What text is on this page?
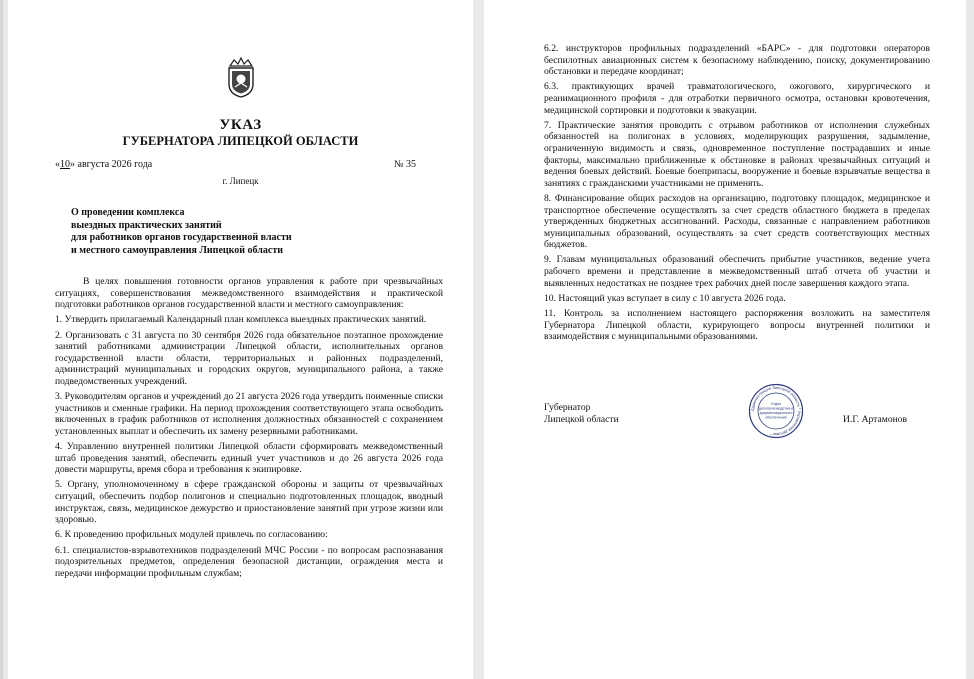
УКАЗ
ГУБЕРНАТОРА ЛИПЕЦКОЙ ОБЛАСТИ
«10» августа 2026 года	№ 35
г. Липецк
О проведении комплекса
выездных практических занятий
для работников органов государственной власти
и местного самоуправления Липецкой области

В целях повышения готовности органов управления к работе при чрезвычайных ситуациях, совершенствования межведомственного взаимодействия и практической подготовки работников органов государственной власти и местного самоуправления:

1. Утвердить прилагаемый Календарный план комплекса выездных практических занятий.

2. Организовать с 31 августа по 30 сентября 2026 года обязательное поэтапное прохождение занятий работниками администрации Липецкой области, исполнительных органов государственной власти области, территориальных и районных подразделений, администраций муниципальных и городских округов, муниципального района, а также подведомственных учреждений.

3. Руководителям органов и учреждений до 21 августа 2026 года утвердить поименные списки участников и сменные графики. На период прохождения соответствующего этапа освободить включенных в график работников от исполнения должностных обязанностей с сохранением установленных выплат и обеспечить их замену резервными работниками.

4. Управлению внутренней политики Липецкой области сформировать межведомственный штаб проведения занятий, обеспечить единый учет участников и до 26 августа 2026 года довести маршруты, время сбора и требования к экипировке.

5. Органу, уполномоченному в сфере гражданской обороны и защиты от чрезвычайных ситуаций, обеспечить подбор полигонов и специально подготовленных площадок, вводный инструктаж, связь, медицинское дежурство и приостановление занятий при угрозе жизни или здоровью.

6. К проведению профильных модулей привлечь по согласованию:

6.1. специалистов-взрывотехников подразделений МЧС России - по вопросам распознавания подозрительных предметов, определения безопасной дистанции, ограждения места и передачи информации профильным службам;

6.2. инструкторов профильных подразделений «БАРС» - для подготовки операторов беспилотных авиационных систем к безопасному наблюдению, поиску, документированию обстановки и передаче координат;

6.3. практикующих врачей травматологического, ожогового, хирургического и реанимационного профиля - для отработки первичного осмотра, остановки кровотечения, медицинской сортировки и подготовки к эвакуации.

7. Практические занятия проводить с отрывом работников от исполнения служебных обязанностей на полигонах в условиях, моделирующих разрушения, задымление, ограниченную видимость и связь, одновременное поступление пострадавших и иные факторы, максимально приближенные к обстановке в районах чрезвычайных ситуаций и ведения боевых действий. Боевые боеприпасы, вооружение и боевые взрывчатые вещества в занятиях с гражданскими участниками не применять.

8. Финансирование общих расходов на организацию, подготовку площадок, медицинское и транспортное обеспечение осуществлять за счет средств областного бюджета в пределах утвержденных бюджетных ассигнований. Расходы, связанные с направлением работников муниципальных образований, осуществлять за счет средств соответствующих местных бюджетов.

9. Главам муниципальных образований обеспечить прибытие участников, ведение учета рабочего времени и представление в межведомственный штаб отчета об участии и выявленных недостатках не позднее трех рабочих дней после завершения каждого этапа.

10. Настоящий указ вступает в силу с 10 августа 2026 года.

11. Контроль за исполнением настоящего распоряжения возложить на заместителя Губернатора Липецкой области, курирующего вопросы внутренней политики и взаимодействия с муниципальными образованиями.

Губернатор
Липецкой области
Администрация Липецкой области * Управление делами *
Отдел
делопроизводства и
документационного
обеспечения	И.Г. Артамонов
